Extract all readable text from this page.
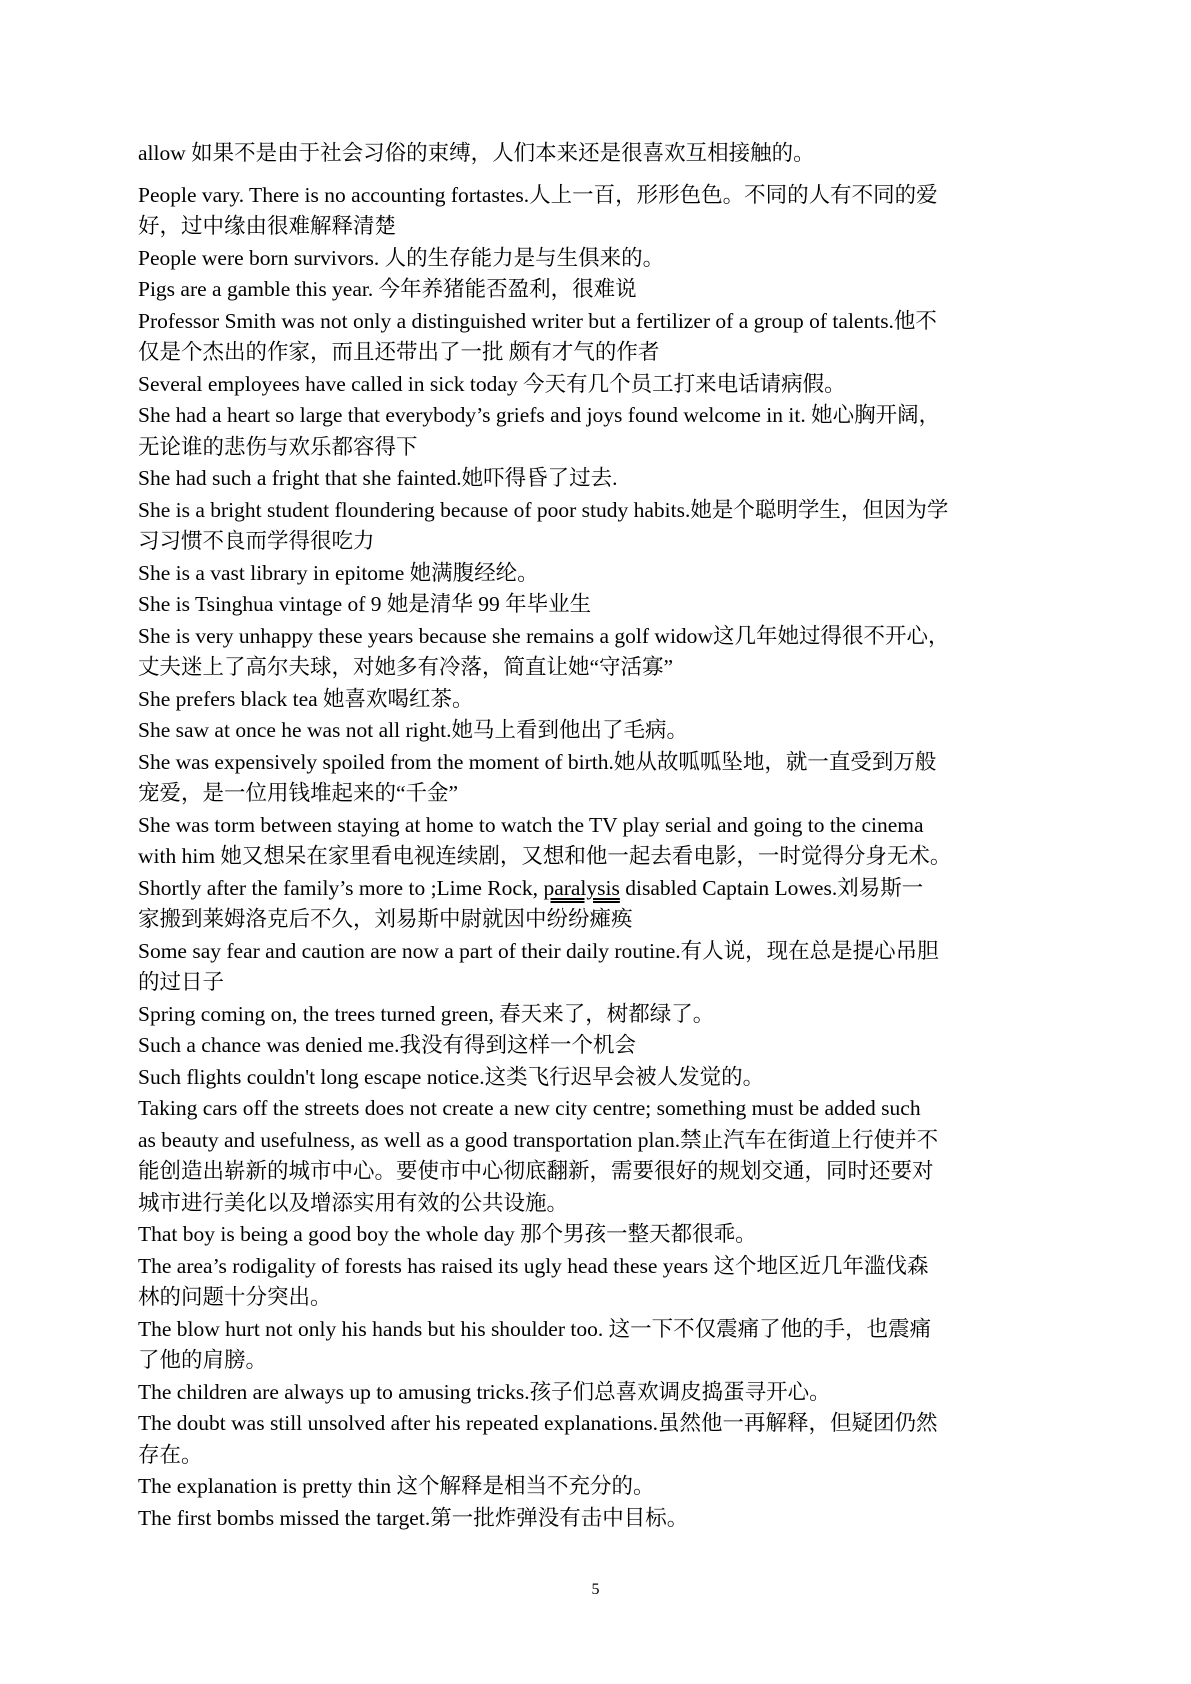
allow 如果不是由于社会习俗的束缚，人们本来还是很喜欢互相接触的。

People vary. There is no accounting fortastes.人上一百，形形色色。不同的人有不同的爱

好，过中缘由很难解释清楚

People were born survivors. 人的生存能力是与生俱来的。

Pigs are a gamble this year. 今年养猪能否盈利，很难说

Professor Smith was not only a distinguished writer but a fertilizer of a group of talents.他不

仅是个杰出的作家，而且还带出了一批 颇有才气的作者

Several employees have called in sick today 今天有几个员工打来电话请病假。

She had a heart so large that everybody’s griefs and joys found welcome in it. 她心胸开阔，

无论谁的悲伤与欢乐都容得下

She had such a fright that she fainted.她吓得昏了过去.

She is a bright student floundering because of poor study habits.她是个聪明学生，但因为学

习习惯不良而学得很吃力

She is a vast library in epitome 她满腹经纶。

She is Tsinghua vintage of 9 她是清华 99 年毕业生

She is very unhappy these years because she remains a golf widow这几年她过得很不开心，

丈夫迷上了高尔夫球，对她多有冷落，简直让她“守活寡”

She prefers black tea 她喜欢喝红茶。

She saw at once he was not all right.她马上看到他出了毛病。

She was expensively spoiled from the moment of birth.她从故呱呱坠地，就一直受到万般

宠爱，是一位用钱堆起来的“千金”

She was torm between staying at home to watch the TV play serial and going to the cinema

with him 她又想呆在家里看电视连续剧，又想和他一起去看电影，一时觉得分身无术。

Shortly after the family’s more to ;Lime Rock, paralysis disabled Captain Lowes.刘易斯一

家搬到莱姆洛克后不久，刘易斯中尉就因中纷纷瘫痪

Some say fear and caution are now a part of their daily routine.有人说，现在总是提心吊胆

的过日子

Spring coming on, the trees turned green, 春天来了，树都绿了。

Such a chance was denied me.我没有得到这样一个机会

Such flights couldn't long escape notice.这类飞行迟早会被人发觉的。

Taking cars off the streets does not create a new city centre; something must be added such

as beauty and usefulness, as well as a good transportation plan.禁止汽车在街道上行使并不

能创造出崭新的城市中心。要使市中心彻底翻新，需要很好的规划交通，同时还要对

城市进行美化以及增添实用有效的公共设施。

That boy is being a good boy the whole day 那个男孩一整天都很乖。

The area’s rodigality of forests has raised its ugly head these years 这个地区近几年滥伐森

林的问题十分突出。

The blow hurt not only his hands but his shoulder too. 这一下不仅震痛了他的手，也震痛

了他的肩膀。

The children are always up to amusing tricks.孩子们总喜欢调皮捣蛋寻开心。

The doubt was still unsolved after his repeated explanations.虽然他一再解释，但疑团仍然

存在。

The explanation is pretty thin 这个解释是相当不充分的。

The first bombs missed the target.第一批炸弹没有击中目标。

5
